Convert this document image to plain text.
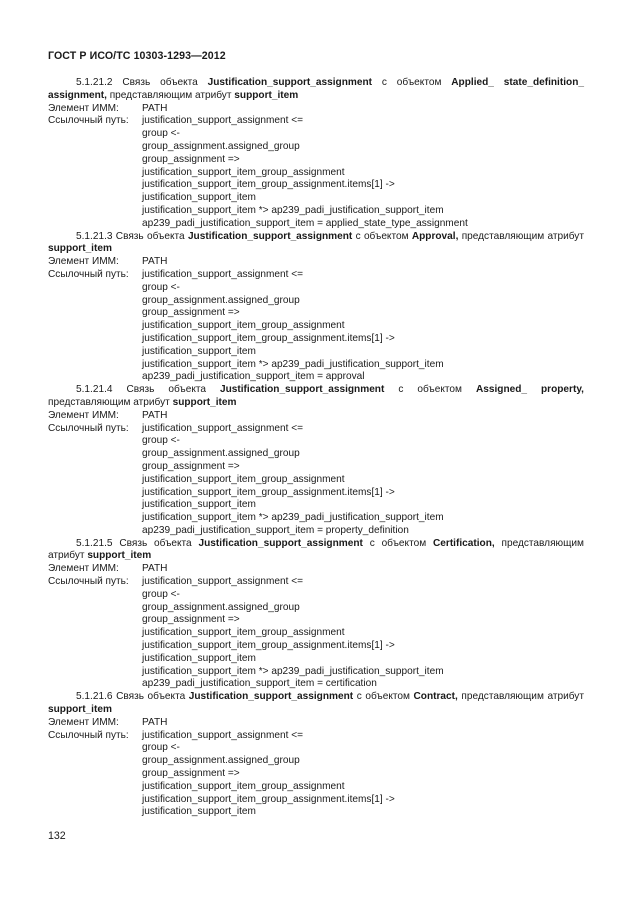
ГОСТ Р ИСО/ТС 10303-1293—2012
5.1.21.2 Связь объекта Justification_support_assignment с объектом Applied_ state_definition_ assignment, представляющим атрибут support_item
Элемент ИММ:	PATH
Ссылочный путь:	justification_support_assignment <=
group <-
group_assignment.assigned_group
group_assignment =>
justification_support_item_group_assignment
justification_support_item_group_assignment.items[1] ->
justification_support_item
justification_support_item *> ap239_padi_justification_support_item
ap239_padi_justification_support_item = applied_state_type_assignment
5.1.21.3 Связь объекта Justification_support_assignment с объектом Approval, представляющим атрибут support_item
Элемент ИММ:	PATH
Ссылочный путь:	justification_support_assignment <=
group <-
group_assignment.assigned_group
group_assignment =>
justification_support_item_group_assignment
justification_support_item_group_assignment.items[1] ->
justification_support_item
justification_support_item *> ap239_padi_justification_support_item
ap239_padi_justification_support_item = approval
5.1.21.4 Связь объекта Justification_support_assignment с объектом Assigned_ property, представляющим атрибут support_item
Элемент ИММ:	PATH
Ссылочный путь:	justification_support_assignment <=
group <-
group_assignment.assigned_group
group_assignment =>
justification_support_item_group_assignment
justification_support_item_group_assignment.items[1] ->
justification_support_item
justification_support_item *> ap239_padi_justification_support_item
ap239_padi_justification_support_item = property_definition
5.1.21.5 Связь объекта Justification_support_assignment с объектом Certification, представляющим атрибут support_item
Элемент ИММ:	PATH
Ссылочный путь:	justification_support_assignment <=
group <-
group_assignment.assigned_group
group_assignment =>
justification_support_item_group_assignment
justification_support_item_group_assignment.items[1] ->
justification_support_item
justification_support_item *> ap239_padi_justification_support_item
ap239_padi_justification_support_item = certification
5.1.21.6 Связь объекта Justification_support_assignment с объектом Contract, представляющим атрибут support_item
Элемент ИММ:	PATH
Ссылочный путь:	justification_support_assignment <=
group <-
group_assignment.assigned_group
group_assignment =>
justification_support_item_group_assignment
justification_support_item_group_assignment.items[1] ->
justification_support_item
132
